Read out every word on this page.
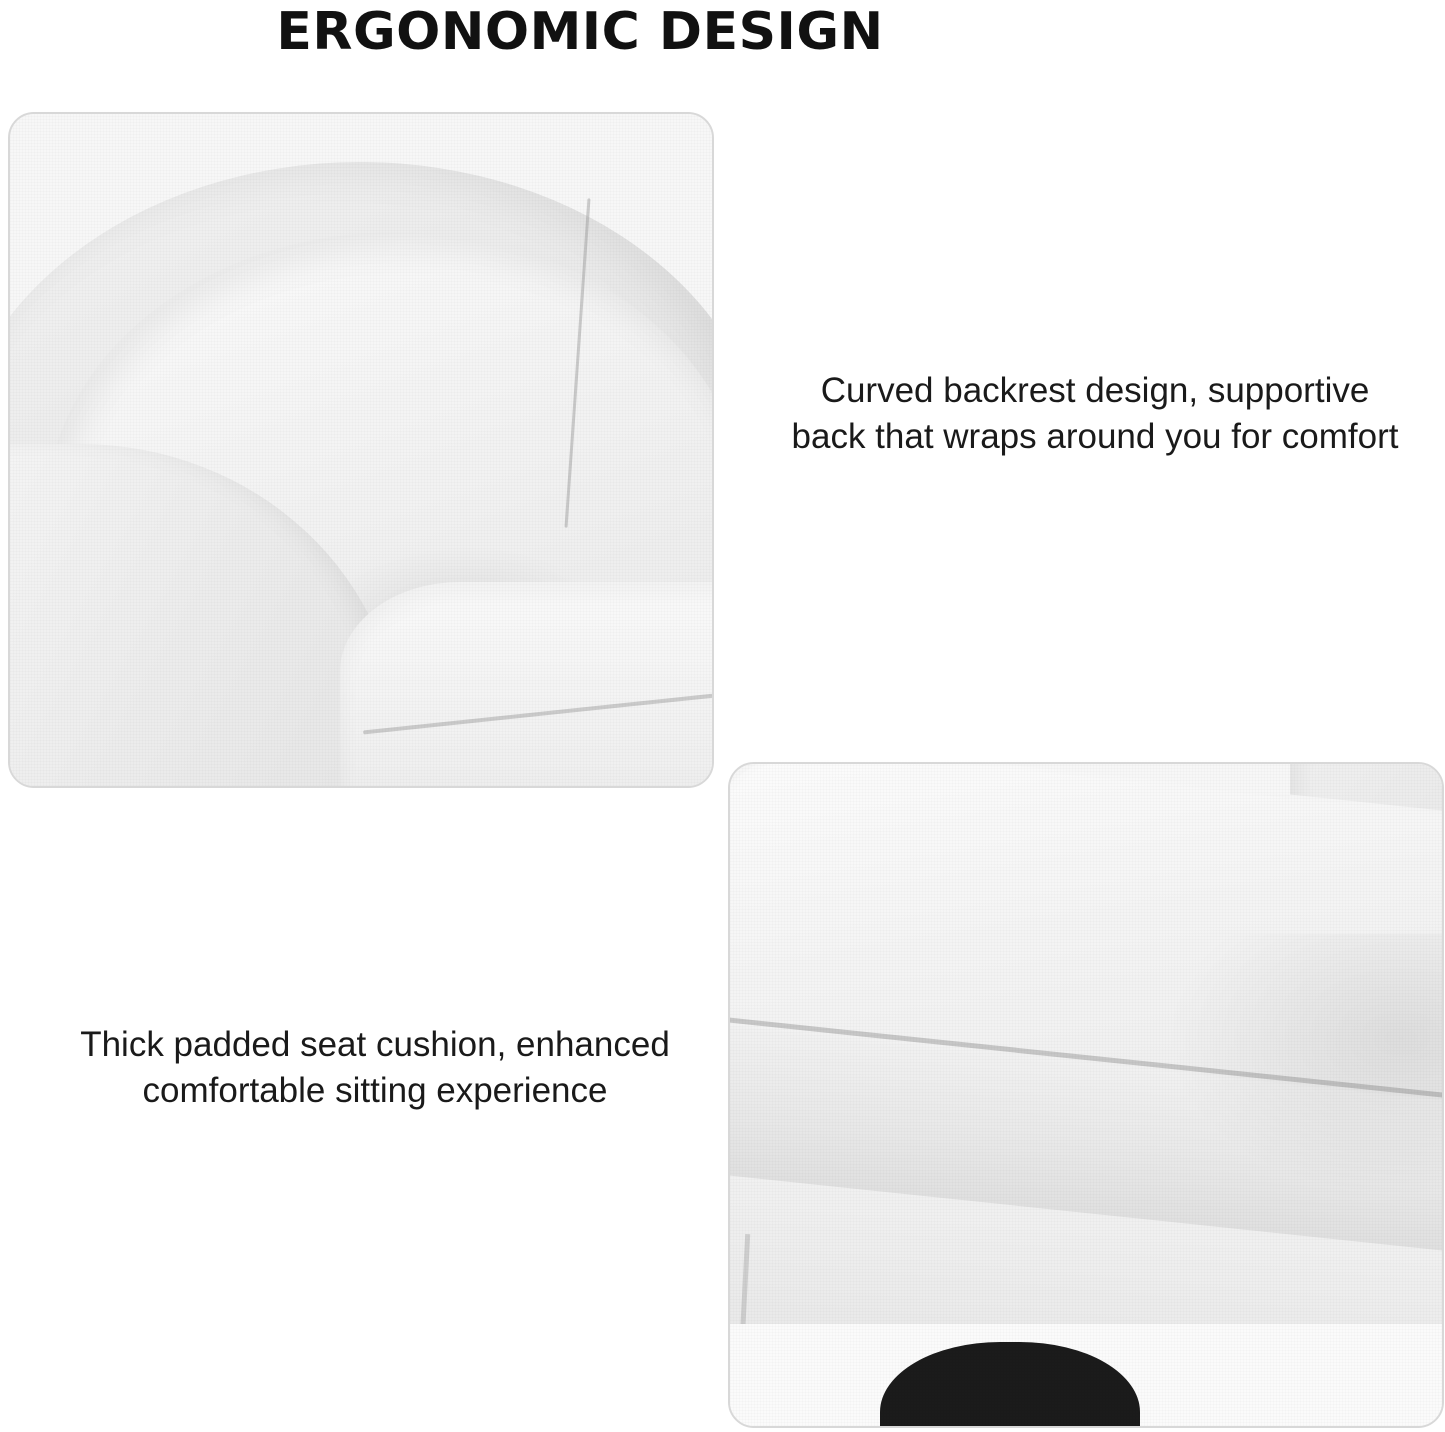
ERGONOMIC DESIGN
Curved backrest design, supportive back that wraps around you for comfort
Thick padded seat cushion, enhanced comfortable sitting experience
